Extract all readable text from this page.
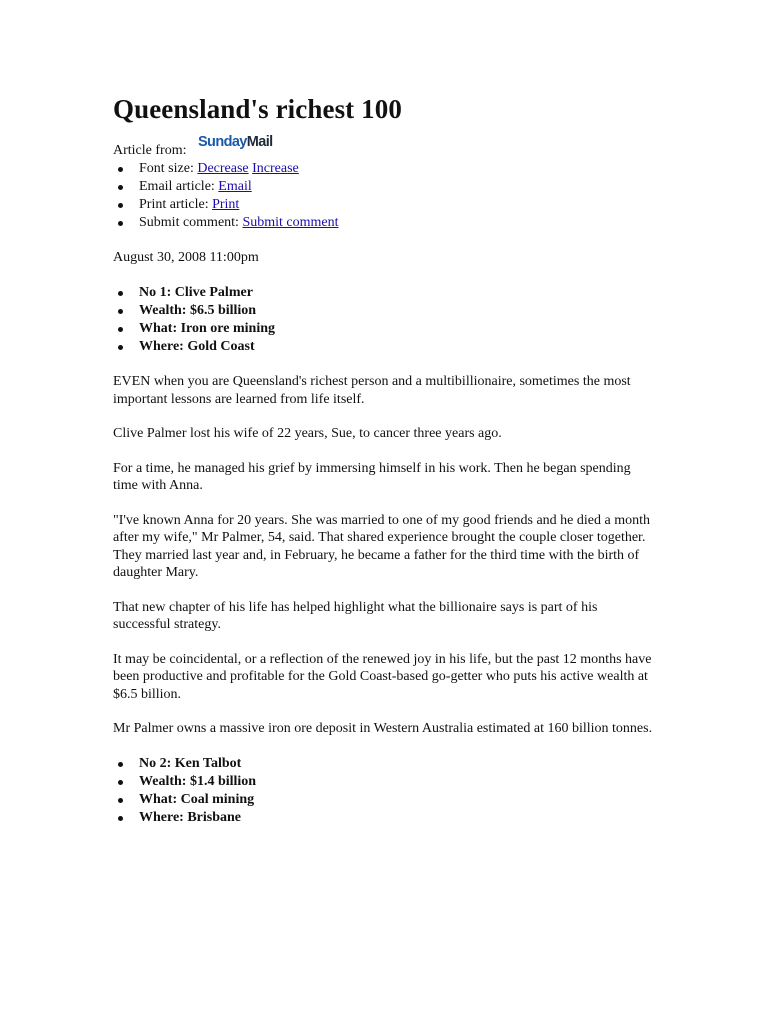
Queensland's richest 100
Article from: SundayMail
Font size: Decrease Increase
Email article: Email
Print article: Print
Submit comment: Submit comment
August 30, 2008 11:00pm
No 1: Clive Palmer
Wealth: $6.5 billion
What: Iron ore mining
Where: Gold Coast

EVEN when you are Queensland's richest person and a multibillionaire, sometimes the most important lessons are learned from life itself.

Clive Palmer lost his wife of 22 years, Sue, to cancer three years ago.

For a time, he managed his grief by immersing himself in his work. Then he began spending time with Anna.

"I've known Anna for 20 years. She was married to one of my good friends and he died a month after my wife," Mr Palmer, 54, said. That shared experience brought the couple closer together. They married last year and, in February, he became a father for the third time with the birth of daughter Mary.

That new chapter of his life has helped highlight what the billionaire says is part of his successful strategy.

It may be coincidental, or a reflection of the renewed joy in his life, but the past 12 months have been productive and profitable for the Gold Coast-based go-getter who puts his active wealth at $6.5 billion.

Mr Palmer owns a massive iron ore deposit in Western Australia estimated at 160 billion tonnes.

No 2: Ken Talbot
Wealth: $1.4 billion
What: Coal mining
Where: Brisbane
